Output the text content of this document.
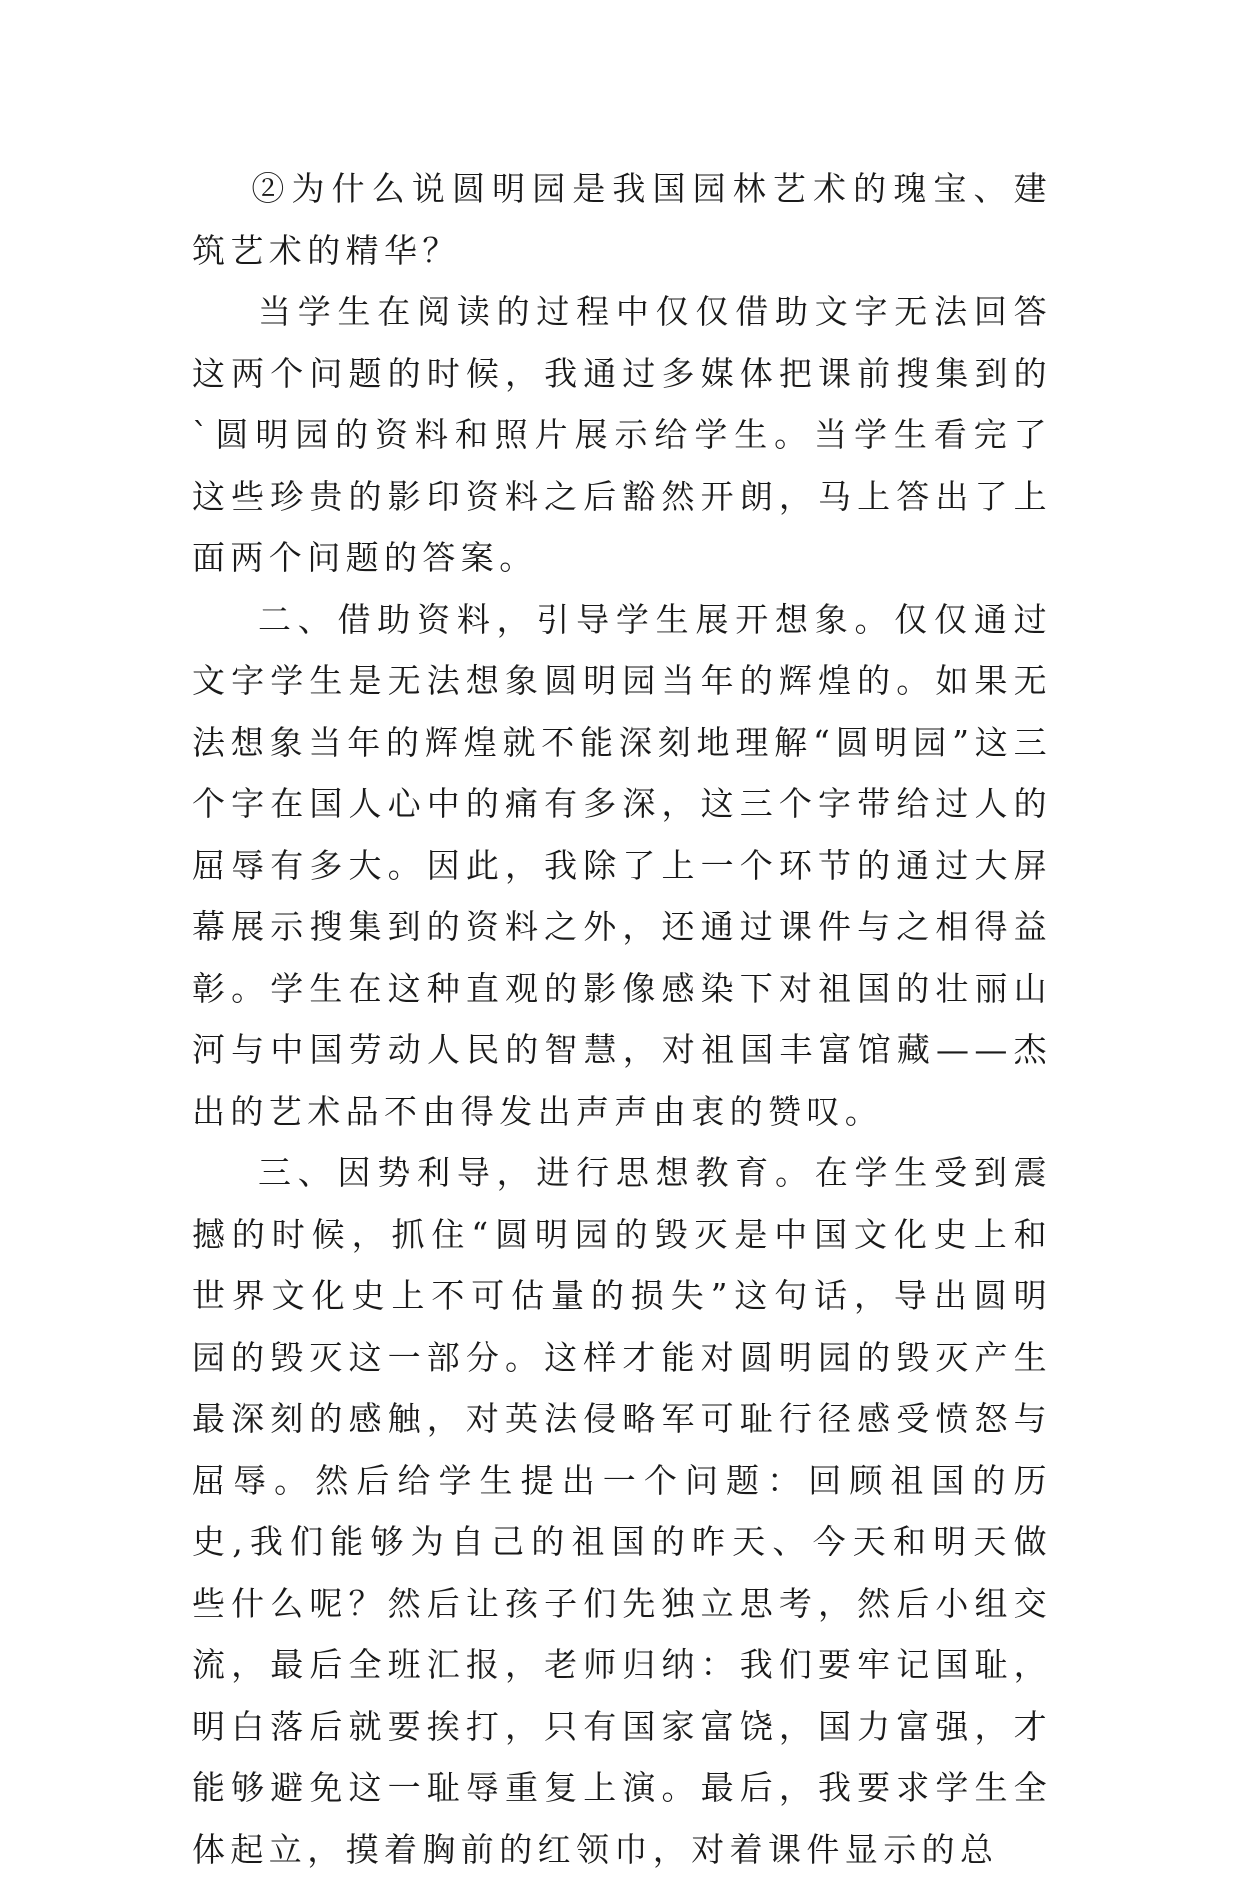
②为什么说圆明园是我国园林艺术的瑰宝、建筑艺术的精华？

当学生在阅读的过程中仅仅借助文字无法回答这两个问题的时候，我通过多媒体把课前搜集到的`圆明园的资料和照片展示给学生。当学生看完了这些珍贵的影印资料之后豁然开朗，马上答出了上面两个问题的答案。

二、借助资料，引导学生展开想象。仅仅通过文字学生是无法想象圆明园当年的辉煌的。如果无法想象当年的辉煌就不能深刻地理解“圆明园”这三个字在国人心中的痛有多深，这三个字带给过人的屈辱有多大。因此，我除了上一个环节的通过大屏幕展示搜集到的资料之外，还通过课件与之相得益彰。学生在这种直观的影像感染下对祖国的壮丽山河与中国劳动人民的智慧，对祖国丰富馆藏——杰出的艺术品不由得发出声声由衷的赞叹。

三、因势利导，进行思想教育。在学生受到震撼的时候，抓住“圆明园的毁灭是中国文化史上和世界文化史上不可估量的损失”这句话，导出圆明园的毁灭这一部分。这样才能对圆明园的毁灭产生最深刻的感触，对英法侵略军可耻行径感受愤怒与屈辱。然后给学生提出一个问题：回顾祖国的历史,我们能够为自己的祖国的昨天、今天和明天做些什么呢？然后让孩子们先独立思考，然后小组交流，最后全班汇报，老师归纳：我们要牢记国耻，明白落后就要挨打，只有国家富饶，国力富强，才能够避免这一耻辱重复上演。最后，我要求学生全体起立，摸着胸前的红领巾，对着课件显示的总
